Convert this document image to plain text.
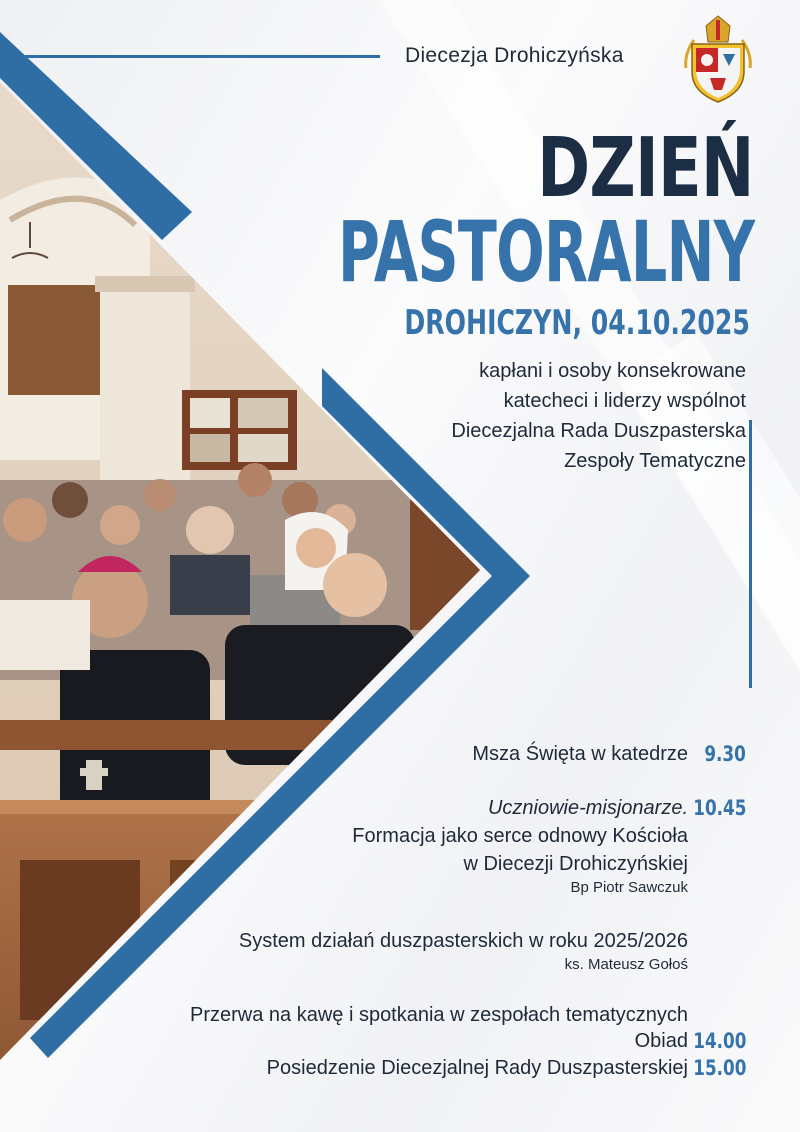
Diecezja Drohiczyńska
DZIEŃ
PASTORALNY
DROHICZYN, 04.10.2025
kapłani i osoby konsekrowane
katecheci i liderzy wspólnot
Diecezjalna Rada Duszpasterska
Zespoły Tematyczne
Msza Święta w katedrze 9.30
Uczniowie-misjonarze. 10.45
Formacja jako serce odnowy Kościoła
w Diecezji Drohiczyńskiej
Bp Piotr Sawczuk
System działań duszpasterskich w roku 2025/2026
ks. Mateusz Gołoś
Przerwa na kawę i spotkania w zespołach tematycznych
Obiad 14.00
Posiedzenie Diecezjalnej Rady Duszpasterskiej 15.00
